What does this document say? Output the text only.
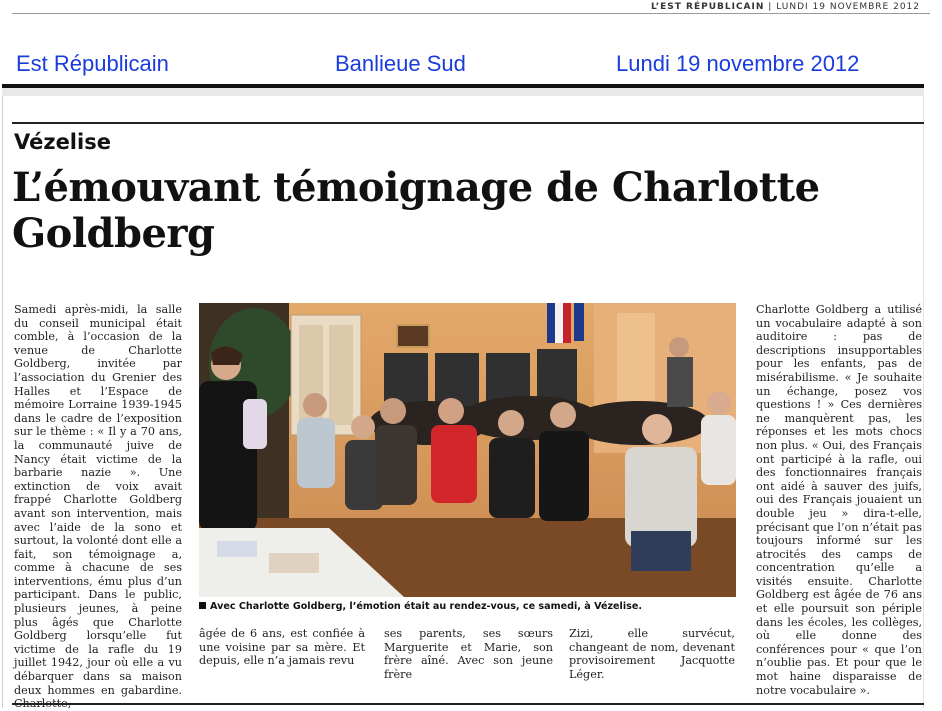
L’EST RÉPUBLICAIN | LUNDI 19 NOVEMBRE 2012
Est Républicain	Banlieue Sud	Lundi 19 novembre 2012
Vézelise
L’émouvant témoignage de Charlotte Goldberg
Samedi après-midi, la salle du conseil municipal était comble, à l’occasion de la venue de Charlotte Goldberg, invitée par l’association du Grenier des Halles et l’Espace de mémoire Lorraine 1939-1945 dans le cadre de l’exposition sur le thème : « Il y a 70 ans, la communauté juive de Nancy était victime de la barbarie nazie ». Une extinction de voix avait frappé Charlotte Goldberg avant son intervention, mais avec l’aide de la sono et surtout, la volonté dont elle a fait, son témoignage a, comme à chacune de ses interventions, ému plus d’un participant. Dans le public, plusieurs jeunes, à peine plus âgés que Charlotte Goldberg lorsqu’elle fut victime de la rafle du 19 juillet 1942, jour où elle a vu débarquer dans sa maison deux hommes en gabardine.
Avec Charlotte Goldberg, l’émotion était au rendez-vous, ce samedi, à Vézelise.
âgée de 6 ans, est confiée à une voisine par sa mère. Et depuis, elle n’a jamais revu
ses parents, ses sœurs Marguerite et Marie, son frère aîné. Avec son jeune frère
Zizi, elle survécut, changeant de nom, devenant provisoirement Jacquotte Léger.
Charlotte Goldberg a utilisé un vocabulaire adapté à son auditoire : pas de descriptions insupportables pour les enfants, pas de misérabilisme. « Je souhaite un échange, posez vos questions ! » Ces dernières ne manquèrent pas, les réponses et les mots chocs non plus. « Oui, des Français ont participé à la rafle, oui des fonctionnaires français ont aidé à sauver des juifs, oui des Français jouaient un double jeu » dira-t-elle, précisant que l’on n’était pas toujours informé sur les atrocités des camps de concentration qu’elle a visités ensuite. Charlotte Goldberg est âgée de 76 ans et elle poursuit son périple dans les écoles, les collèges, où elle donne des conférences pour « que l’on n’oublie pas. Et pour que le mot haine disparaisse de notre vocabulaire ».
